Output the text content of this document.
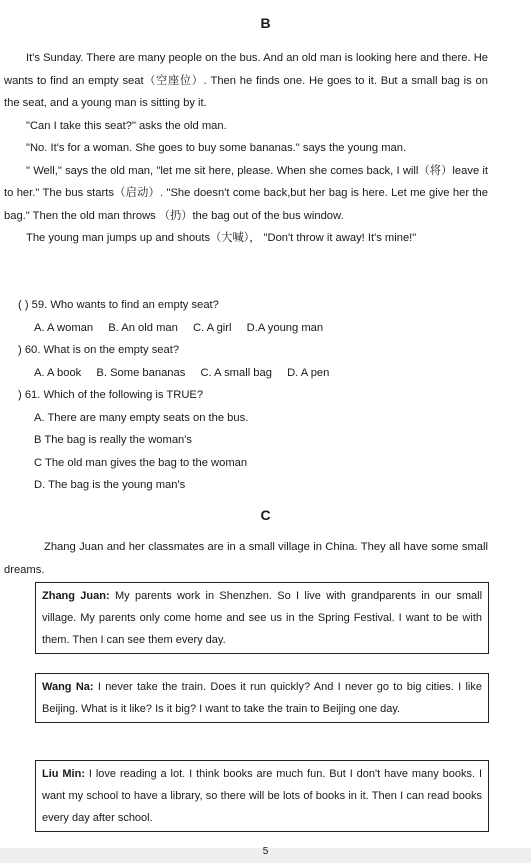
B

It's Sunday. There are many people on the bus. And an old man is looking here and there. He wants to find an empty seat（空座位）. Then he finds one. He goes to it. But a small bag is on the seat, and a young man is sitting by it.

"Can I take this seat?" asks the old man.

"No. It's for a woman. She goes to buy some bananas." says the young man.

" Well," says the old man, "let me sit here, please. When she comes back, I will（将）leave it to her." The bus starts（启动）. "She doesn't come back,but her bag is here. Let me give her the bag." Then the old man throws （扔）the bag out of the bus window.

The young man jumps up and shouts（大喊）， "Don't throw it away! It's mine!"

( ) 59. Who wants to find an empty seat?
A. A woman B. An old man C. A girl D.A young man
) 60. What is on the empty seat?
A. A book B. Some bananas C. A small bag D. A pen
) 61. Which of the following is TRUE?
A. There are many empty seats on the bus.
B The bag is really the woman's
C The old man gives the bag to the woman
D. The bag is the young man's
C
Zhang Juan and her classmates are in a small village in China. They all have some small dreams.
Zhang Juan: My parents work in Shenzhen. So I live with grandparents in our small village. My parents only come home and see us in the Spring Festival. I want to be with them. Then I can see them every day.
Wang Na: I never take the train. Does it run quickly? And I never go to big cities. I like Beijing. What is it like? Is it big? I want to take the train to Beijing one day.
Liu Min: I love reading a lot. I think books are much fun. But I don't have many books. I want my school to have a library, so there will be lots of books in it. Then I can read books every day after school.
5
